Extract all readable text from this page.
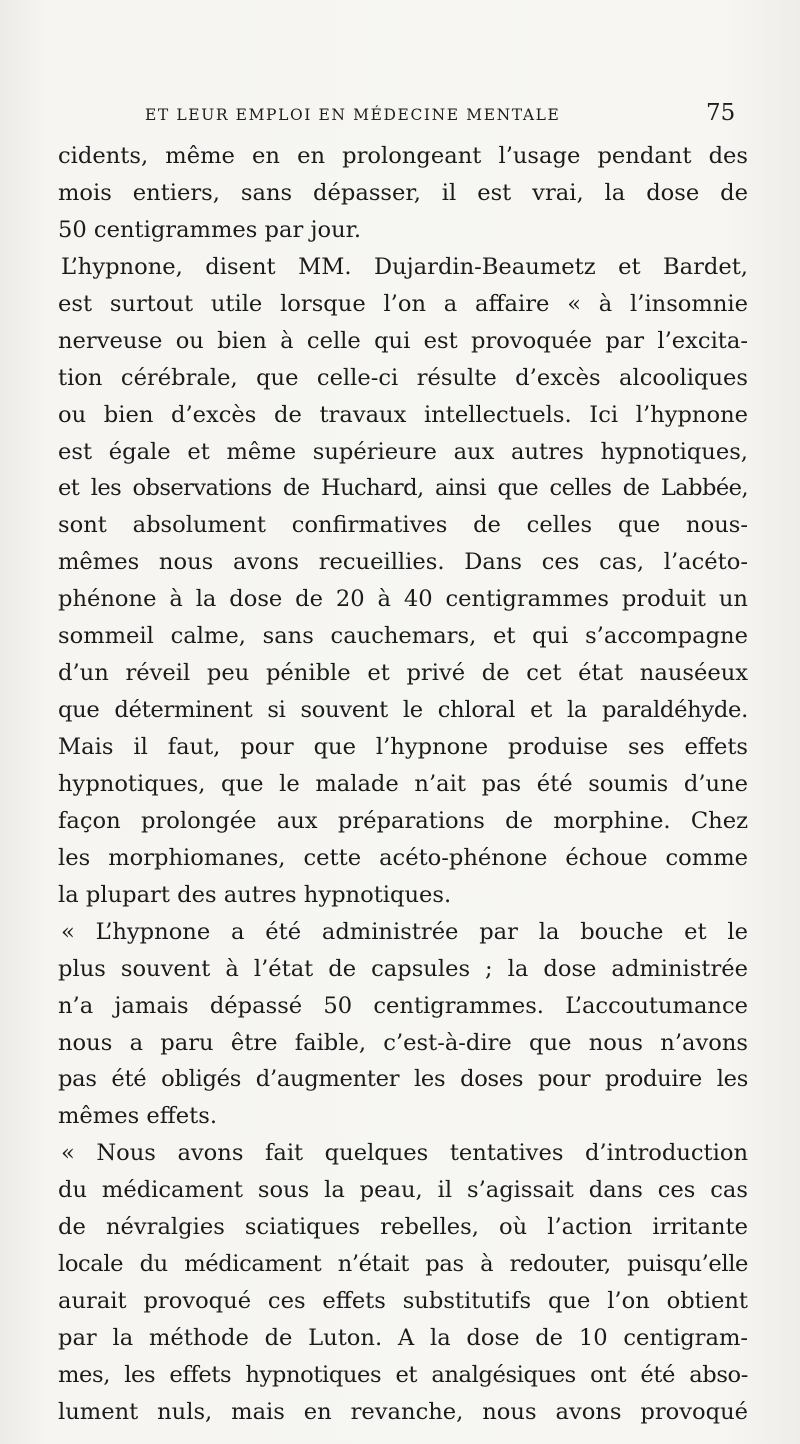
ET LEUR EMPLOI EN MÉDECINE MENTALE	75
cidents, même en en prolongeant l’usage pendant des
mois entiers, sans dépasser, il est vrai, la dose de
50 centigrammes par jour.
L’hypnone, disent MM. Dujardin-Beaumetz et Bardet,
est surtout utile lorsque l’on a affaire « à l’insomnie
nerveuse ou bien à celle qui est provoquée par l’excita-
tion cérébrale, que celle-ci résulte d’excès alcooliques
ou bien d’excès de travaux intellectuels. Ici l’hypnone
est égale et même supérieure aux autres hypnotiques,
et les observations de Huchard, ainsi que celles de Labbée,
sont absolument confirmatives de celles que nous-
mêmes nous avons recueillies. Dans ces cas, l’acéto-
phénone à la dose de 20 à 40 centigrammes produit un
sommeil calme, sans cauchemars, et qui s’accompagne
d’un réveil peu pénible et privé de cet état nauséeux
que déterminent si souvent le chloral et la paraldéhyde.
Mais il faut, pour que l’hypnone produise ses effets
hypnotiques, que le malade n’ait pas été soumis d’une
façon prolongée aux préparations de morphine. Chez
les morphiomanes, cette acéto-phénone échoue comme
la plupart des autres hypnotiques.
« L’hypnone a été administrée par la bouche et le
plus souvent à l’état de capsules ; la dose administrée
n’a jamais dépassé 50 centigrammes. L’accoutumance
nous a paru être faible, c’est-à-dire que nous n’avons
pas été obligés d’augmenter les doses pour produire les
mêmes effets.
« Nous avons fait quelques tentatives d’introduction
du médicament sous la peau, il s’agissait dans ces cas
de névralgies sciatiques rebelles, où l’action irritante
locale du médicament n’était pas à redouter, puisqu’elle
aurait provoqué ces effets substitutifs que l’on obtient
par la méthode de Luton. A la dose de 10 centigram-
mes, les effets hypnotiques et analgésiques ont été abso-
lument nuls, mais en revanche, nous avons provoqué
